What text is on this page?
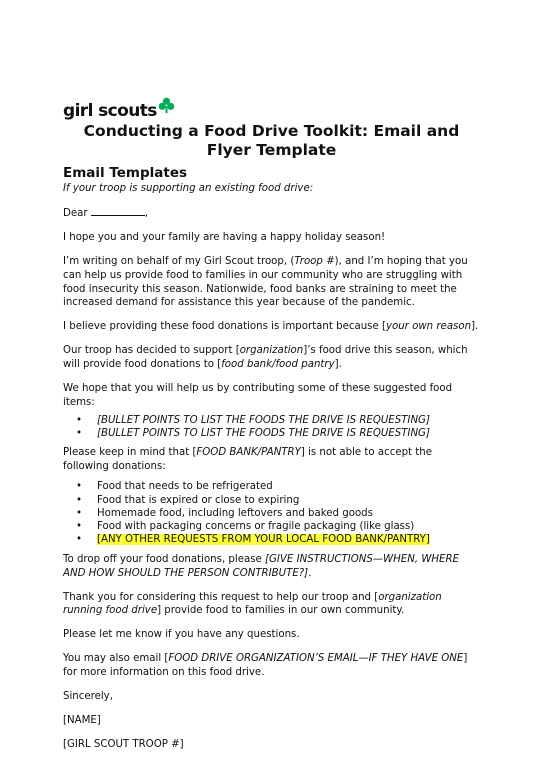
girl scouts
Conducting a Food Drive Toolkit: Email and Flyer Template
Email Templates

If your troop is supporting an existing food drive:

Dear	,

I hope you and your family are having a happy holiday season!

I’m writing on behalf of my Girl Scout troop, (Troop #), and I’m hoping that you can help us provide food to families in our community who are struggling with food insecurity this season. Nationwide, food banks are straining to meet the increased demand for assistance this year because of the pandemic.

I believe providing these food donations is important because [your own reason].

Our troop has decided to support [organization]’s food drive this season, which will provide food donations to [food bank/food pantry].

We hope that you will help us by contributing some of these suggested food items:

• [BULLET POINTS TO LIST THE FOODS THE DRIVE IS REQUESTING]
• [BULLET POINTS TO LIST THE FOODS THE DRIVE IS REQUESTING]

Please keep in mind that [FOOD BANK/PANTRY] is not able to accept the following donations:

• Food that needs to be refrigerated
• Food that is expired or close to expiring
• Homemade food, including leftovers and baked goods
• Food with packaging concerns or fragile packaging (like glass)
• [ANY OTHER REQUESTS FROM YOUR LOCAL FOOD BANK/PANTRY]

To drop off your food donations, please [GIVE INSTRUCTIONS—WHEN, WHERE AND HOW SHOULD THE PERSON CONTRIBUTE?].

Thank you for considering this request to help our troop and [organization running food drive] provide food to families in our own community.

Please let me know if you have any questions.

You may also email [FOOD DRIVE ORGANIZATION’S EMAIL—IF THEY HAVE ONE] for more information on this food drive.

Sincerely,

[NAME]

[GIRL SCOUT TROOP #]
